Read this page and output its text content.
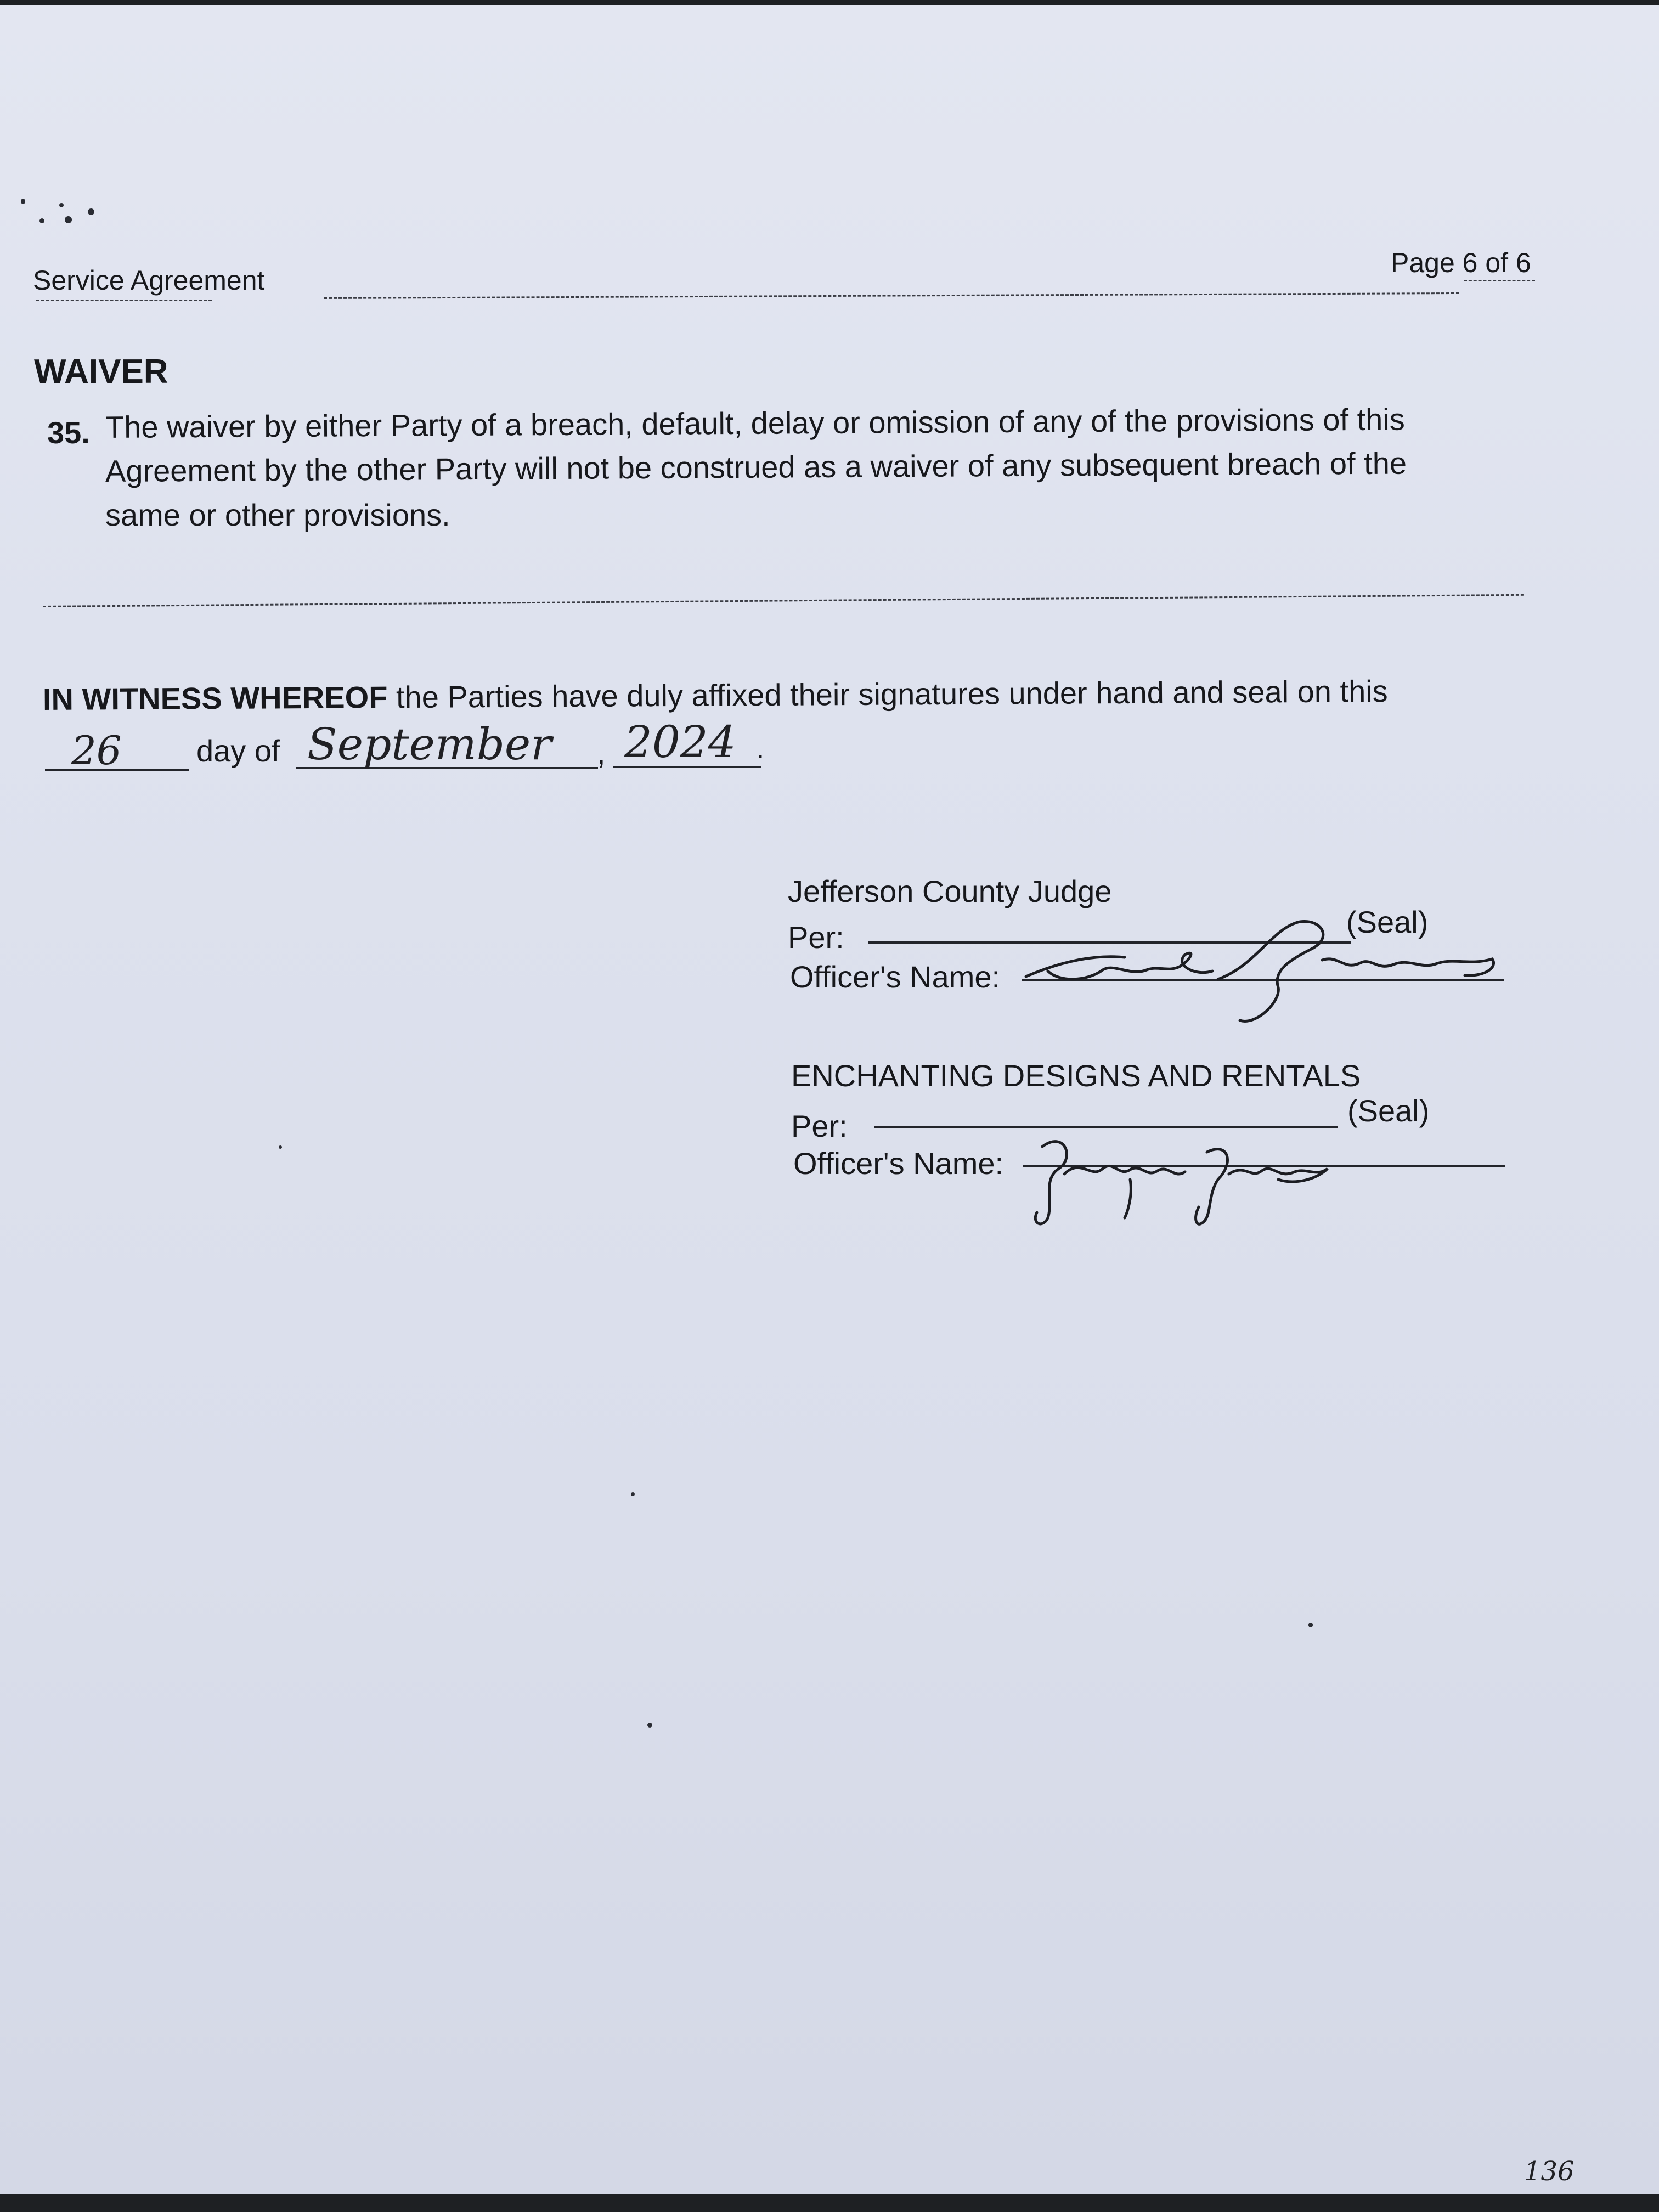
Service Agreement
Page 6 of 6
WAIVER
35. The waiver by either Party of a breach, default, delay or omission of any of the provisions of this
Agreement by the other Party will not be construed as a waiver of any subsequent breach of the
same or other provisions.
IN WITNESS WHEREOF the Parties have duly affixed their signatures under hand and seal on this
26 day of September , 2024 .
Jefferson County Judge
Per:	(Seal)
Officer's Name:
ENCHANTING DESIGNS AND RENTALS
Per:	(Seal)
Officer's Name:
136
